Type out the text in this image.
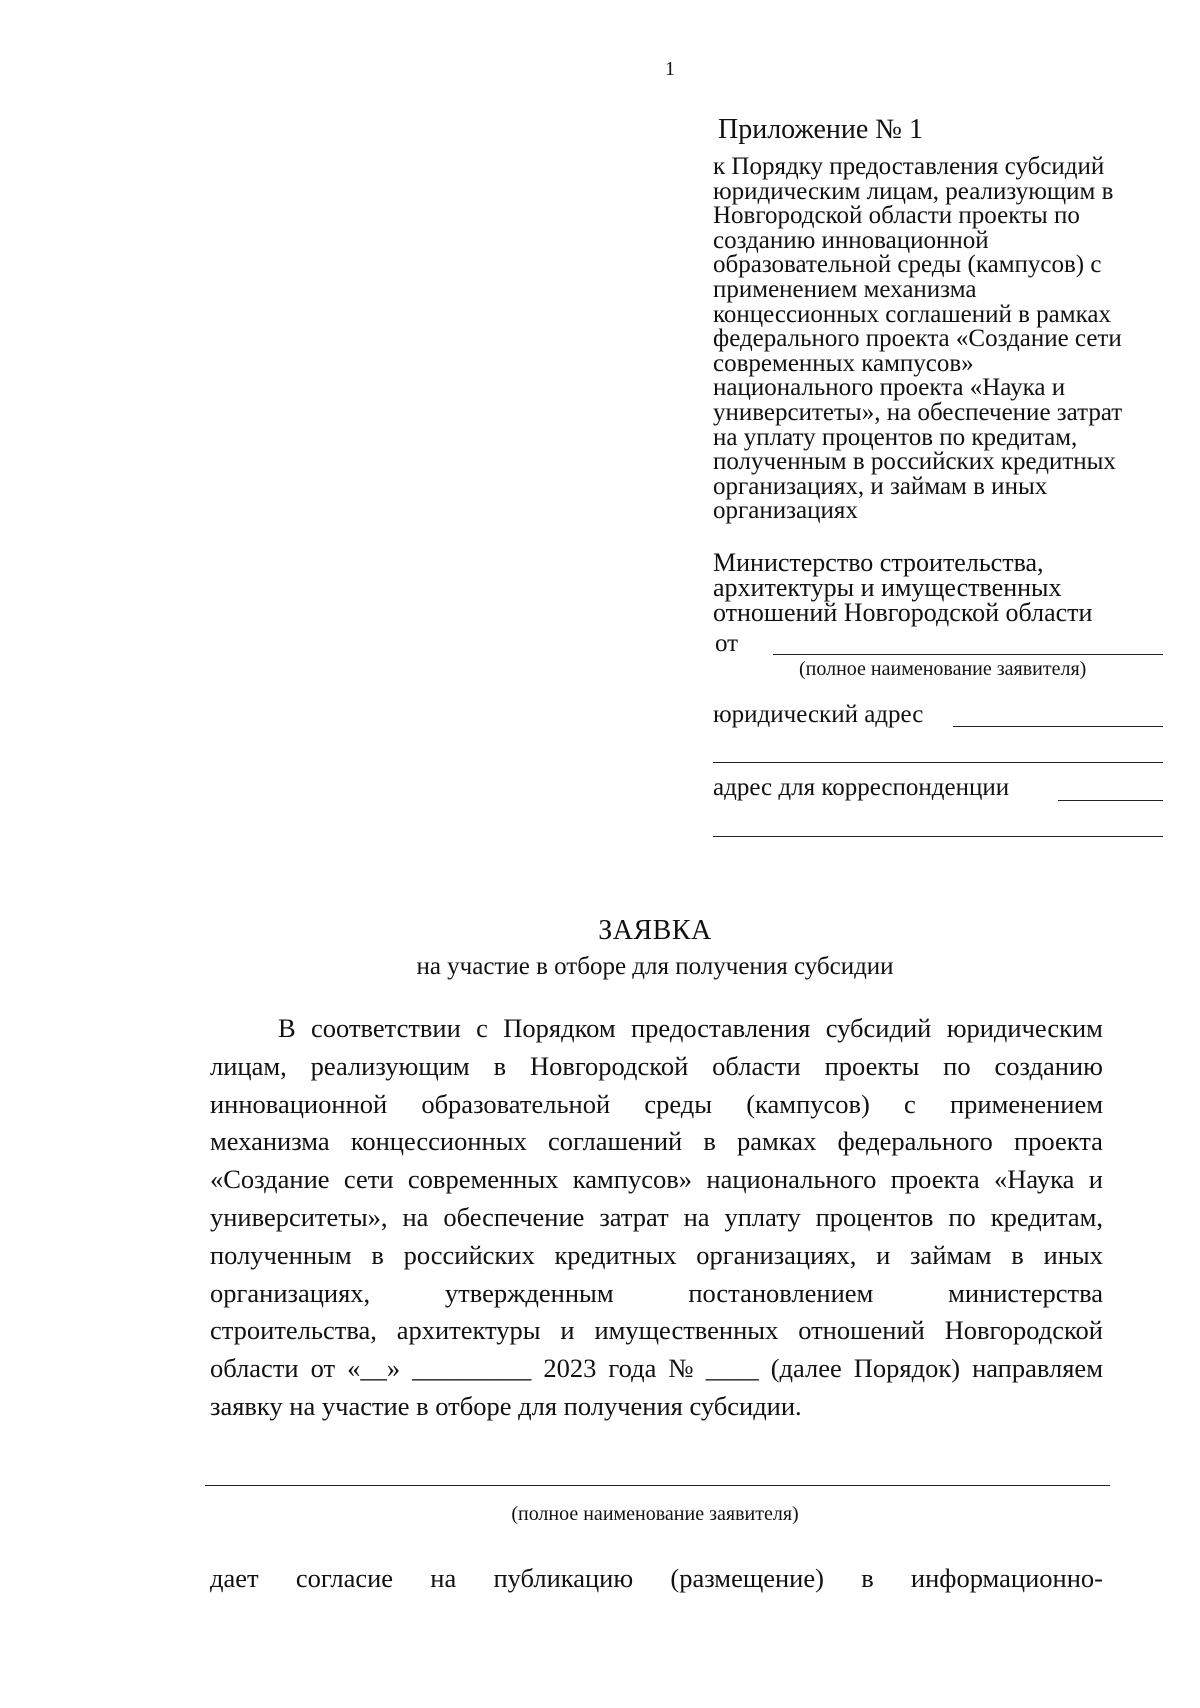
1
Приложение № 1
к Порядку предоставления субсидий
юридическим лицам, реализующим в
Новгородской области проекты по
созданию инновационной
образовательной среды (кампусов) с
применением механизма
концессионных соглашений в рамках
федерального проекта «Создание сети
современных кампусов»
национального проекта «Наука и
университеты», на обеспечение затрат
на уплату процентов по кредитам,
полученным в российских кредитных
организациях, и займам в иных
организациях
Министерство строительства,
архитектуры и имущественных
отношений Новгородской области
от
(полное наименование заявителя)
юридический адрес
адрес для корреспонденции
ЗАЯВКА
на участие в отборе для получения субсидии
В соответствии с Порядком предоставления субсидий юридическим
лицам, реализующим в Новгородской области проекты по созданию
инновационной образовательной среды (кампусов) с применением
механизма концессионных соглашений в рамках федерального проекта
«Создание сети современных кампусов» национального проекта «Наука и
университеты», на обеспечение затрат на уплату процентов по кредитам,
полученным в российских кредитных организациях, и займам в иных
организациях,	утвержденным	постановлением	министерства
строительства, архитектуры и имущественных отношений Новгородской
области от «__» _________ 2023 года № ____ (далее Порядок) направляем
заявку на участие в отборе для получения субсидии.
(полное наименование заявителя)
дает согласие на публикацию (размещение) в информационно-
